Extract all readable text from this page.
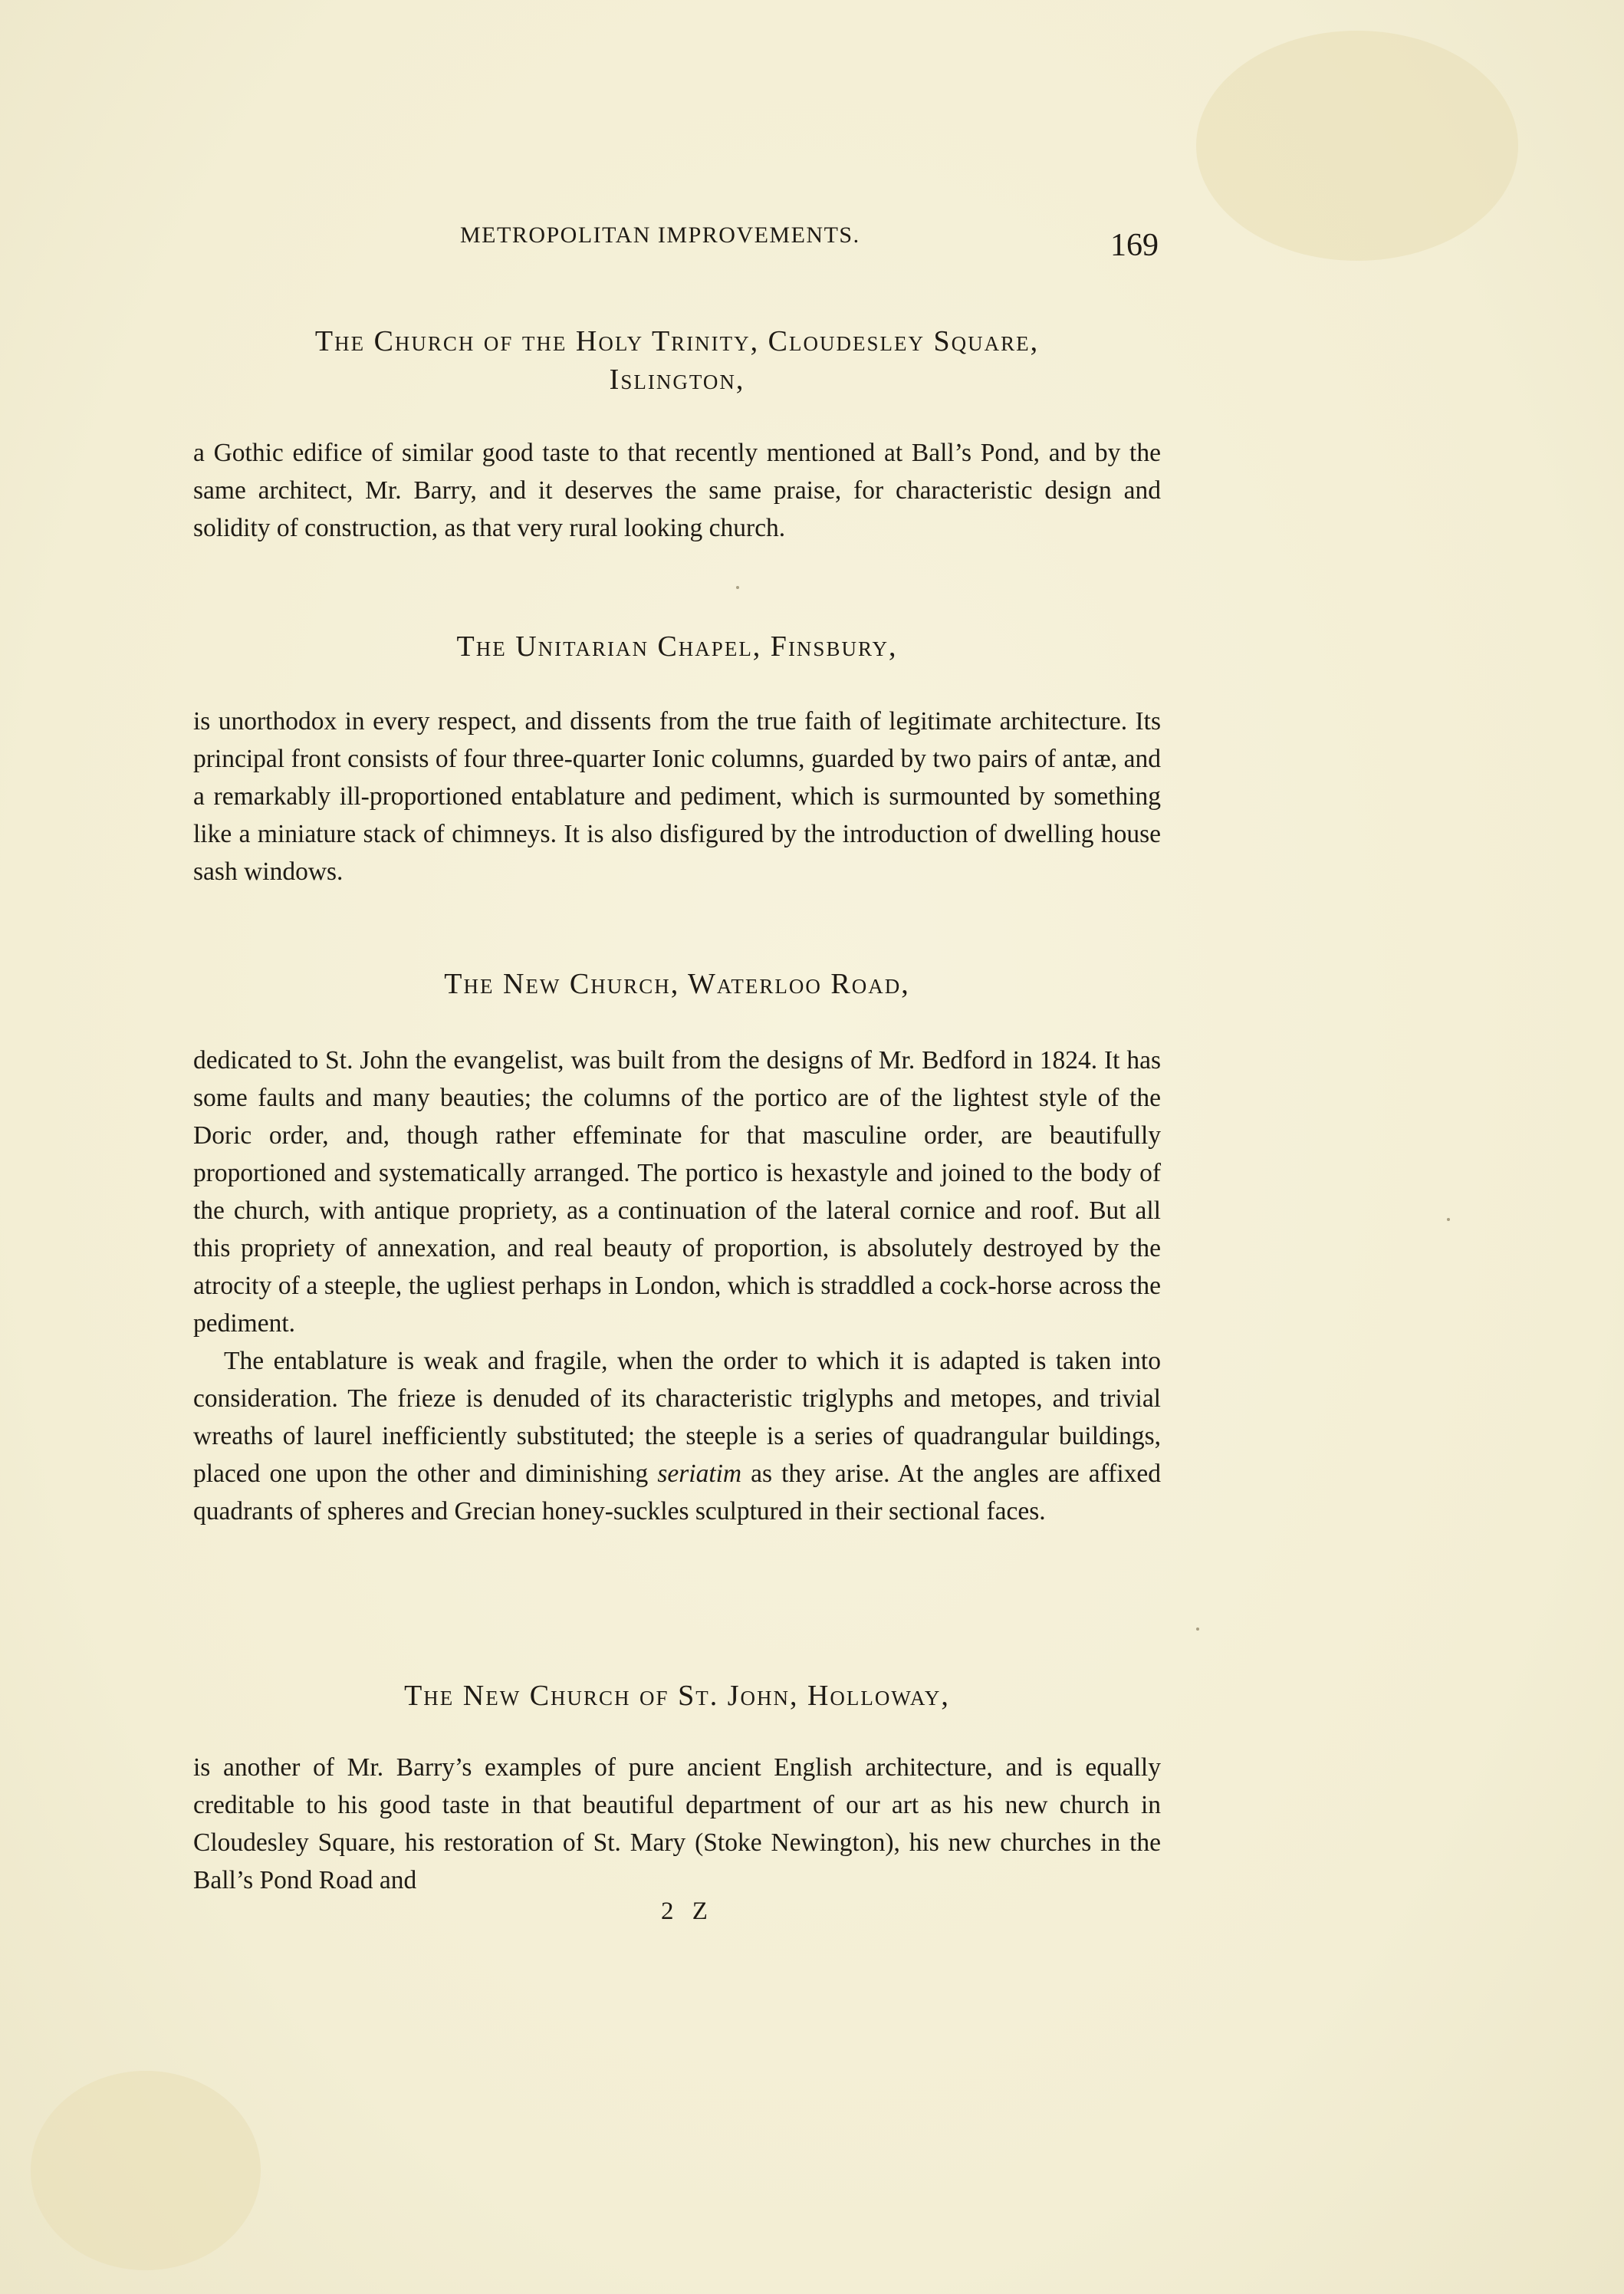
METROPOLITAN IMPROVEMENTS.	169
The Church of the Holy Trinity, Cloudesley Square,
Islington,

a Gothic edifice of similar good taste to that recently mentioned at Ball’s Pond, and by the same architect, Mr. Barry, and it deserves the same praise, for characteristic design and solidity of construction, as that very rural looking church.

The Unitarian Chapel, Finsbury,

is unorthodox in every respect, and dissents from the true faith of legitimate architecture. Its principal front consists of four three-quarter Ionic columns, guarded by two pairs of antæ, and a remarkably ill-proportioned entablature and pediment, which is surmounted by something like a miniature stack of chimneys. It is also disfigured by the introduction of dwelling house sash windows.

The New Church, Waterloo Road,

dedicated to St. John the evangelist, was built from the designs of Mr. Bedford in 1824. It has some faults and many beauties; the columns of the portico are of the lightest style of the Doric order, and, though rather effeminate for that masculine order, are beautifully proportioned and systematically arranged. The portico is hexastyle and joined to the body of the church, with antique propriety, as a continuation of the lateral cornice and roof. But all this propriety of annexation, and real beauty of proportion, is absolutely destroyed by the atrocity of a steeple, the ugliest perhaps in London, which is straddled a cock-horse across the pediment.

The entablature is weak and fragile, when the order to which it is adapted is taken into consideration. The frieze is denuded of its characteristic triglyphs and metopes, and trivial wreaths of laurel inefficiently substituted; the steeple is a series of quadrangular buildings, placed one upon the other and diminishing seriatim as they arise. At the angles are affixed quadrants of spheres and Grecian honey-suckles sculptured in their sectional faces.

The New Church of St. John, Holloway,

is another of Mr. Barry’s examples of pure ancient English architecture, and is equally creditable to his good taste in that beautiful department of our art as his new church in Cloudesley Square, his restoration of St. Mary (Stoke Newington), his new churches in the Ball’s Pond Road and

2 Z
